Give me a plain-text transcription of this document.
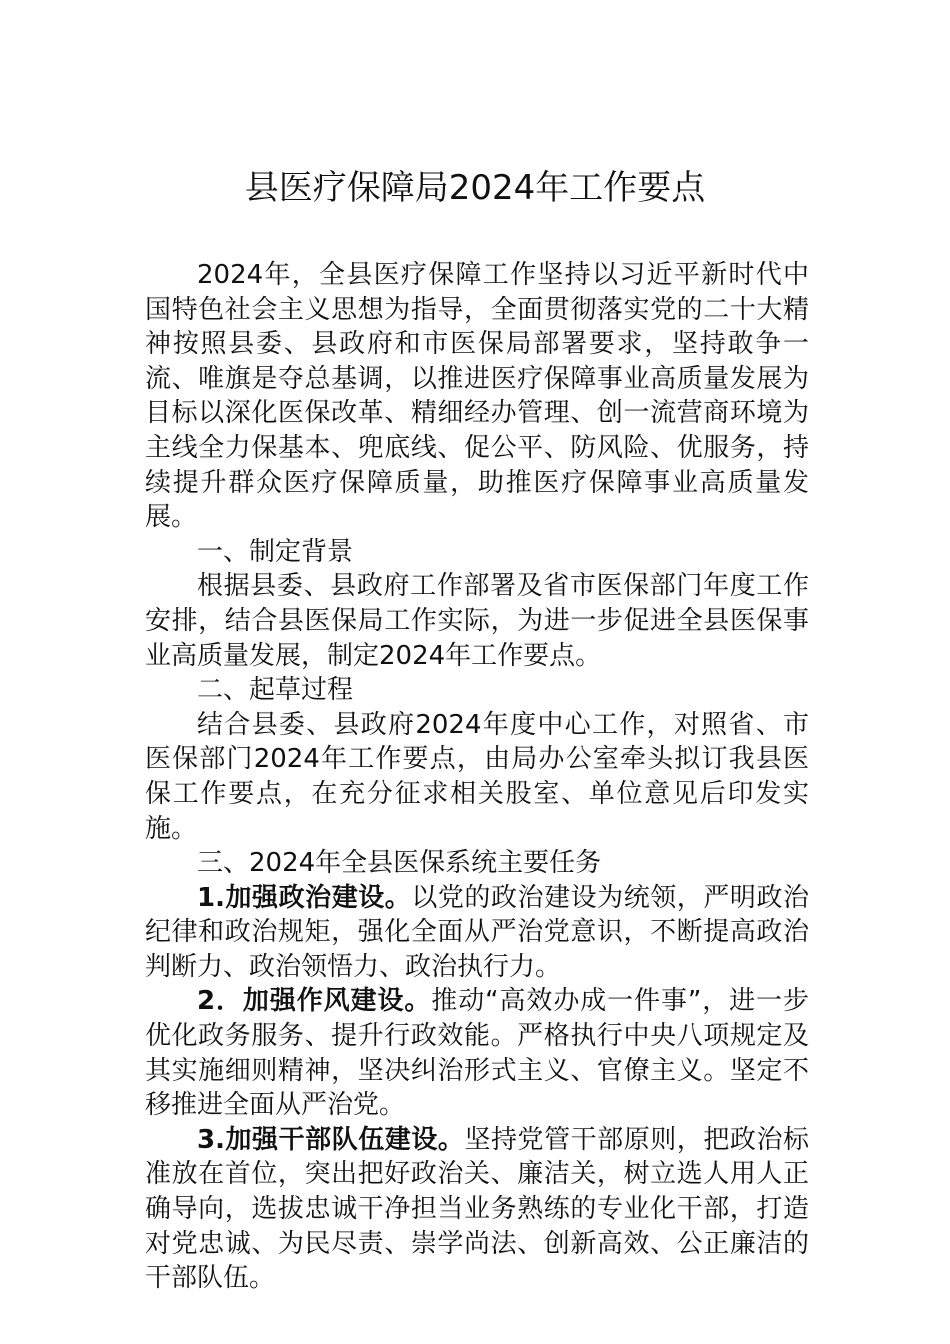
县医疗保障局2024年工作要点

2024年，全县医疗保障工作坚持以习近平新时代中国特色社会主义思想为指导，全面贯彻落实党的二十大精神按照县委、县政府和市医保局部署要求，坚持敢争一流、唯旗是夺总基调，以推进医疗保障事业高质量发展为目标以深化医保改革、精细经办管理、创一流营商环境为主线全力保基本、兜底线、促公平、防风险、优服务，持续提升群众医疗保障质量，助推医疗保障事业高质量发展。

一、制定背景

根据县委、县政府工作部署及省市医保部门年度工作安排，结合县医保局工作实际，为进一步促进全县医保事业高质量发展，制定2024年工作要点。

二、起草过程

结合县委、县政府2024年度中心工作，对照省、市医保部门2024年工作要点，由局办公室牵头拟订我县医保工作要点，在充分征求相关股室、单位意见后印发实施。

三、2024年全县医保系统主要任务

1.加强政治建设。以党的政治建设为统领，严明政治纪律和政治规矩，强化全面从严治党意识，不断提高政治判断力、政治领悟力、政治执行力。

2．加强作风建设。推动“高效办成一件事”，进一步优化政务服务、提升行政效能。严格执行中央八项规定及其实施细则精神，坚决纠治形式主义、官僚主义。坚定不移推进全面从严治党。

3.加强干部队伍建设。坚持党管干部原则，把政治标准放在首位，突出把好政治关、廉洁关，树立选人用人正确导向，选拔忠诚干净担当业务熟练的专业化干部，打造对党忠诚、为民尽责、崇学尚法、创新高效、公正廉洁的干部队伍。
